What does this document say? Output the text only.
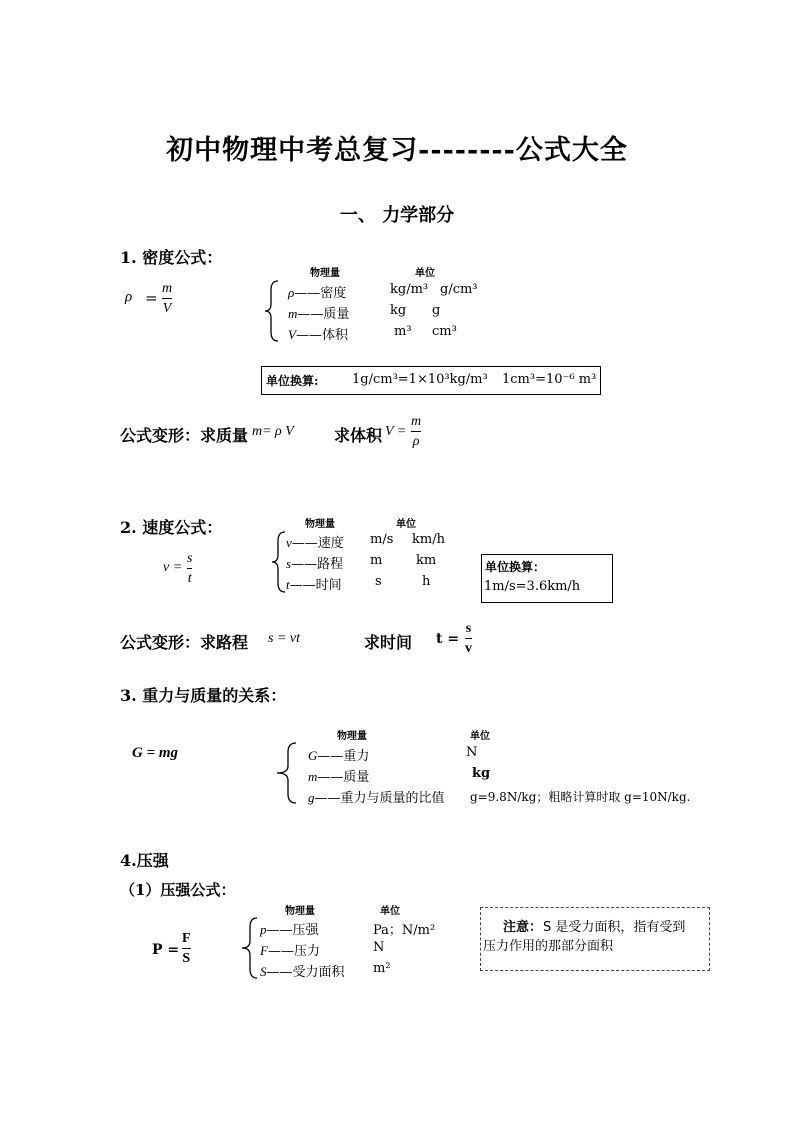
初中物理中考总复习--------公式大全
一、 力学部分
1. 密度公式：
ρ =
m
V
物理量	单位
ρ——密度	kg/m³ g/cm³
m——质量	kg g
V——体积	m³ cm³
单位换算:	1g/cm³=1×10³kg/m³ 1cm³=10⁻⁶ m³
公式变形：求质量 m= ρ V	求体积 V =
m
ρ
2. 速度公式：
v =
s
t
物理量	单位
v——速度 m/s km/h
s——路程 m	km
t——时间	s	h
单位换算：
1m/s=3.6km/h
公式变形：求路程 s = vt	求时间 t =
s
v
3. 重力与质量的关系：
G = mg
物理量	单位
G——重力	N
m——质量	kg
g——重力与质量的比值 g=9.8N/kg；粗略计算时取 g=10N/kg.
4.压强
（1）压强公式：
P =
F
S
物理量	单位
p——压强	Pa；N/m²
F——压力	N
S——受力面积 m²
注意： S 是受力面积，指有受到
压力作用的那部分面积
